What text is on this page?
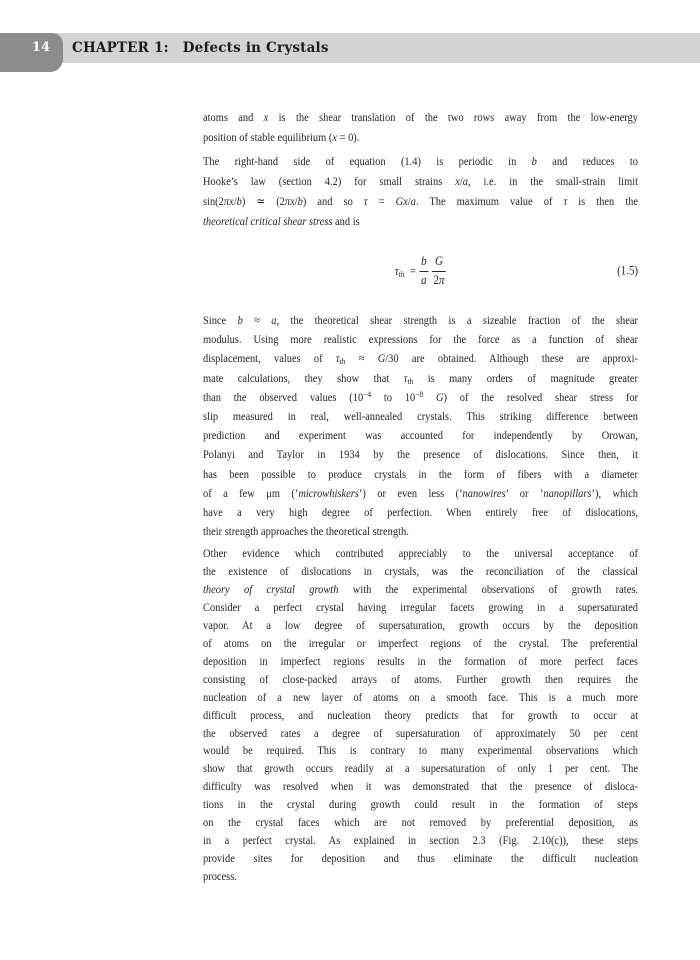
CHAPTER 1: Defects in Crystals
14
atoms and x is the shear translation of the two rows away from the low-energy
position of stable equilibrium (x = 0).
The right-hand side of equation (1.4) is periodic in b and reduces to
Hooke’s law (section 4.2) for small strains x/a, i.e. in the small-strain limit
sin(2πx/b) ≃ (2πx/b) and so τ = Gx/a. The maximum value of τ is then the
theoretical critical shear stress and is
$\tau_{th} = \frac{b}{a} \frac{G}{2\pi}$	(1.5)
Since b ≈ a, the theoretical shear strength is a sizeable fraction of the shear
modulus. Using more realistic expressions for the force as a function of shear
displacement, values of $\tau_{th} \approx G/30$ are obtained. Although these are approxi-
mate calculations, they show that $\tau_{th}$ is many orders of magnitude greater
than the observed values ($10^{-4}$ to $10^{-8}$ G) of the resolved shear stress for
slip measured in real, well-annealed crystals. This striking difference between
prediction and experiment was accounted for independently by Orowan,
Polanyi and Taylor in 1934 by the presence of dislocations. Since then, it
has been possible to produce crystals in the form of fibers with a diameter
of a few μm (’microwhiskers’) or even less (’nanowires’ or ’nanopillars’), which
have a very high degree of perfection. When entirely free of dislocations,
their strength approaches the theoretical strength.
Other evidence which contributed appreciably to the universal acceptance of
the existence of dislocations in crystals, was the reconciliation of the classical
theory of crystal growth with the experimental observations of growth rates.
Consider a perfect crystal having irregular facets growing in a supersaturated
vapor. At a low degree of supersaturation, growth occurs by the deposition
of atoms on the irregular or imperfect regions of the crystal. The preferential
deposition in imperfect regions results in the formation of more perfect faces
consisting of close-packed arrays of atoms. Further growth then requires the
nucleation of a new layer of atoms on a smooth face. This is a much more
difficult process, and nucleation theory predicts that for growth to occur at
the observed rates a degree of supersaturation of approximately 50 per cent
would be required. This is contrary to many experimental observations which
show that growth occurs readily at a supersaturation of only 1 per cent. The
difficulty was resolved when it was demonstrated that the presence of disloca-
tions in the crystal during growth could result in the formation of steps
on the crystal faces which are not removed by preferential deposition, as
in a perfect crystal. As explained in section 2.3 (Fig. 2.10(c)), these steps
provide sites for deposition and thus eliminate the difficult nucleation
process.
